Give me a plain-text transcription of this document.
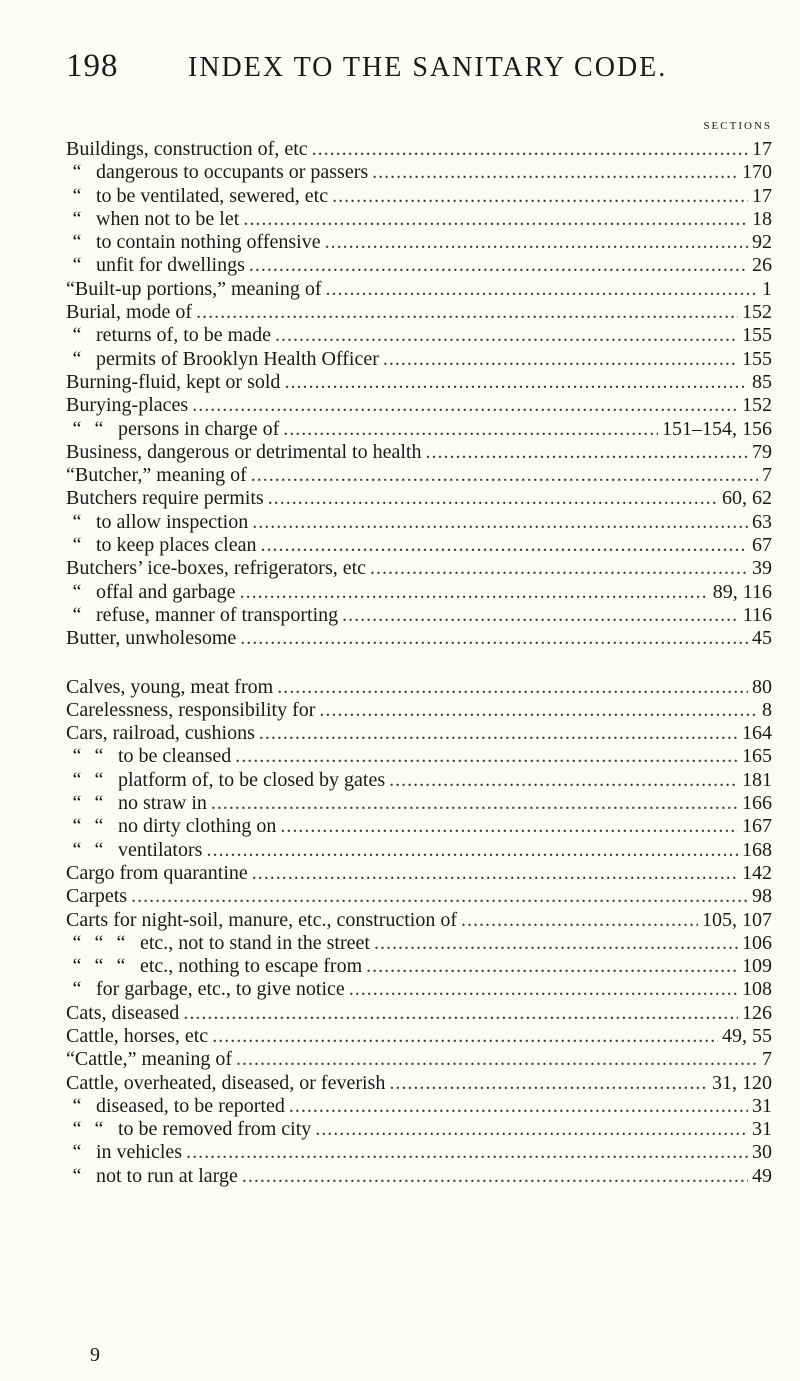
198 INDEX TO THE SANITARY CODE.
SECTIONS
Buildings, construction of, etc .....	17
“ dangerous to occupants or passers .....	170
“ to be ventilated, sewered, etc .....	17
“ when not to be let .....	18
“ to contain nothing offensive .....	92
“ unfit for dwellings .....	26
“Built-up portions,” meaning of .....	1
Burial, mode of .....	152
“ returns of, to be made .....	155
“ permits of Brooklyn Health Officer .....	155
Burning-fluid, kept or sold .....	85
Burying-places .....	152
“ “ persons in charge of .....	151–154, 156
Business, dangerous or detrimental to health .....	79
“Butcher,” meaning of .....	7
Butchers require permits .....	60, 62
“ to allow inspection .....	63
“ to keep places clean .....	67
Butchers’ ice-boxes, refrigerators, etc .....	39
“ offal and garbage .....	89, 116
“ refuse, manner of transporting .....	116
Butter, unwholesome .....	45
Calves, young, meat from .....	80
Carelessness, responsibility for .....	8
Cars, railroad, cushions .....	164
“ “ to be cleansed .....	165
“ “ platform of, to be closed by gates .....	181
“ “ no straw in .....	166
“ “ no dirty clothing on .....	167
“ “ ventilators .....	168
Cargo from quarantine .....	142
Carpets .....	98
Carts for night-soil, manure, etc., construction of .....	105, 107
“ “ “ etc., not to stand in the street .....	106
“ “ “ etc., nothing to escape from .....	109
“ for garbage, etc., to give notice .....	108
Cats, diseased .....	126
Cattle, horses, etc .....	49, 55
“Cattle,” meaning of .....	7
Cattle, overheated, diseased, or feverish .....	31, 120
“ diseased, to be reported .....	31
“ “ to be removed from city .....	31
“ in vehicles .....	30
“ not to run at large .....	49
9
